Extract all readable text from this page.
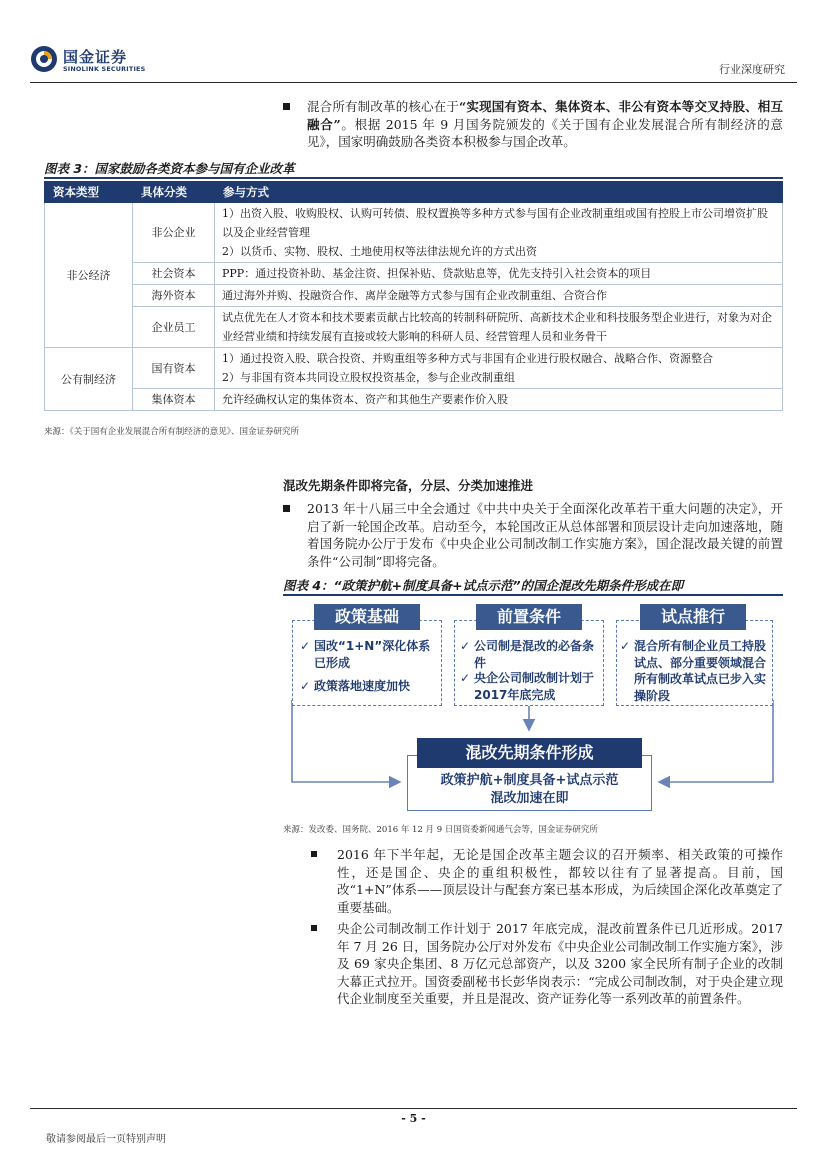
国金证券
SINOLINK SECURITIES	行业深度研究
混合所有制改革的核心在于“实现国有资本、集体资本、非公有资本等交叉持股、相互融合”。根据 2015 年 9 月国务院颁发的《关于国有企业发展混合所有制经济的意见》，国家明确鼓励各类资本积极参与国企改革。
图表 3：国家鼓励各类资本参与国有企业改革
资本类型	具体分类	参与方式
非公经济	非公企业	1）出资入股、收购股权、认购可转债、股权置换等多种方式参与国有企业改制重组或国有控股上市公司增资扩股以及企业经营管理
2）以货币、实物、股权、土地使用权等法律法规允许的方式出资
	社会资本	PPP：通过投资补助、基金注资、担保补贴、贷款贴息等，优先支持引入社会资本的项目
	海外资本	通过海外并购、投融资合作、离岸金融等方式参与国有企业改制重组、合资合作
	企业员工	试点优先在人才资本和技术要素贡献占比较高的转制科研院所、高新技术企业和科技服务型企业进行，对象为对企业经营业绩和持续发展有直接或较大影响的科研人员、经营管理人员和业务骨干
公有制经济	国有资本	1）通过投资入股、联合投资、并购重组等多种方式与非国有企业进行股权融合、战略合作、资源整合
2）与非国有资本共同设立股权投资基金，参与企业改制重组
	集体资本	允许经确权认定的集体资本、资产和其他生产要素作价入股
来源：《关于国有企业发展混合所有制经济的意见》、国金证券研究所
混改先期条件即将完备，分层、分类加速推进
2013 年十八届三中全会通过《中共中央关于全面深化改革若干重大问题的决定》，开启了新一轮国企改革。启动至今，本轮国改正从总体部署和顶层设计走向加速落地，随着国务院办公厅于发布《中央企业公司制改制工作实施方案》，国企混改最关键的前置条件“公司制”即将完备。
图表 4：“政策护航+制度具备+试点示范”的国企混改先期条件形成在即
政策基础
✓ 国改“1+N”深化体系已形成
✓ 政策落地速度加快
前置条件
✓ 公司制是混改的必备条件
✓ 央企公司制改制计划于2017年底完成
试点推行
✓ 混合所有制企业员工持股试点、部分重要领域混合所有制改革试点已步入实操阶段
混改先期条件形成
政策护航+制度具备+试点示范
混改加速在即
来源：发改委、国务院、2016 年 12 月 9 日国资委新闻通气会等，国金证券研究所
2016 年下半年起，无论是国企改革主题会议的召开频率、相关政策的可操作性，还是国企、央企的重组积极性，都较以往有了显著提高。目前，国改“1+N”体系——顶层设计与配套方案已基本形成，为后续国企深化改革奠定了重要基础。
央企公司制改制工作计划于 2017 年底完成，混改前置条件已几近形成。2017 年 7 月 26 日，国务院办公厅对外发布《中央企业公司制改制工作实施方案》，涉及 69 家央企集团、8 万亿元总部资产，以及 3200 家全民所有制子企业的改制大幕正式拉开。国资委副秘书长彭华岗表示：“完成公司制改制，对于央企建立现代企业制度至关重要，并且是混改、资产证券化等一系列改革的前置条件。
- 5 -
敬请参阅最后一页特别声明
